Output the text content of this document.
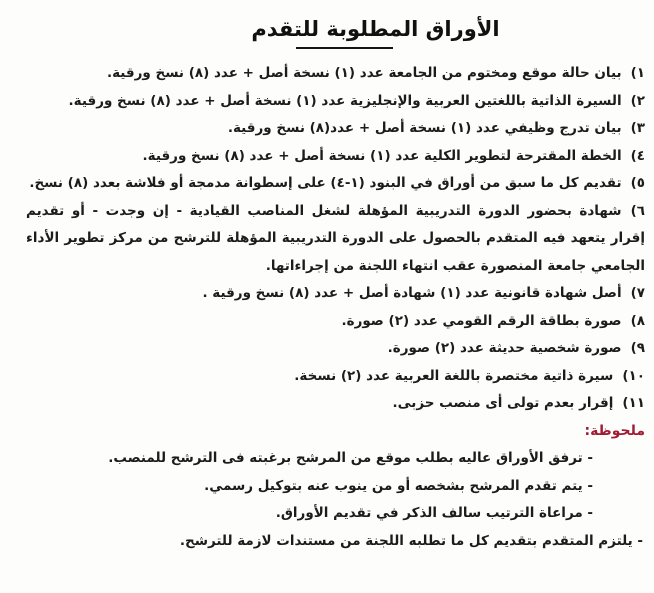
الأوراق المطلوبة للتقدم
١)بيان حالة موقع ومختوم من الجامعة عدد (١) نسخة أصل + عدد (٨) نسخ ورقية.
٢)السيرة الذاتية باللغتين العربية والإنجليزية عدد (١) نسخة أصل + عدد (٨) نسخ ورقية.
٣)بيان تدرج وظيفي عدد (١) نسخة أصل + عدد(٨) نسخ ورقية.
٤)الخطة المقترحة لتطوير الكلية عدد (١) نسخة أصل + عدد (٨) نسخ ورقية.
٥)تقديم كل ما سبق من أوراق في البنود (١-٤) على إسطوانة مدمجة أو فلاشة بعدد (٨) نسخ.
٦)شهادة بحضور الدورة التدريبية المؤهلة لشغل المناصب القيادية - إن وجدت - أو تقديم إقرار يتعهد فيه المتقدم بالحصول على الدورة التدريبية المؤهلة للترشح من مركز تطوير الأداء الجامعي جامعة المنصورة عقب انتهاء اللجنة من إجراءاتها.
٧)أصل شهادة قانونية عدد (١) شهادة أصل + عدد (٨) نسخ ورقية .
٨)صورة بطاقة الرقم القومي عدد (٢) صورة.
٩)صورة شخصية حديثة عدد (٢) صورة.
١٠)سيرة ذاتية مختصرة باللغة العربية عدد (٢) نسخة.
١١)إقرار بعدم تولى أى منصب حزبى.
ملحوظة:
- ترفق الأوراق عاليه بطلب موقع من المرشح برغبته فى الترشح للمنصب.
- يتم تقدم المرشح بشخصه أو من ينوب عنه بتوكيل رسمي.
- مراعاة الترتيب سالف الذكر في تقديم الأوراق.
- يلتزم المتقدم بتقديم كل ما تطلبه اللجنة من مستندات لازمة للترشح.
